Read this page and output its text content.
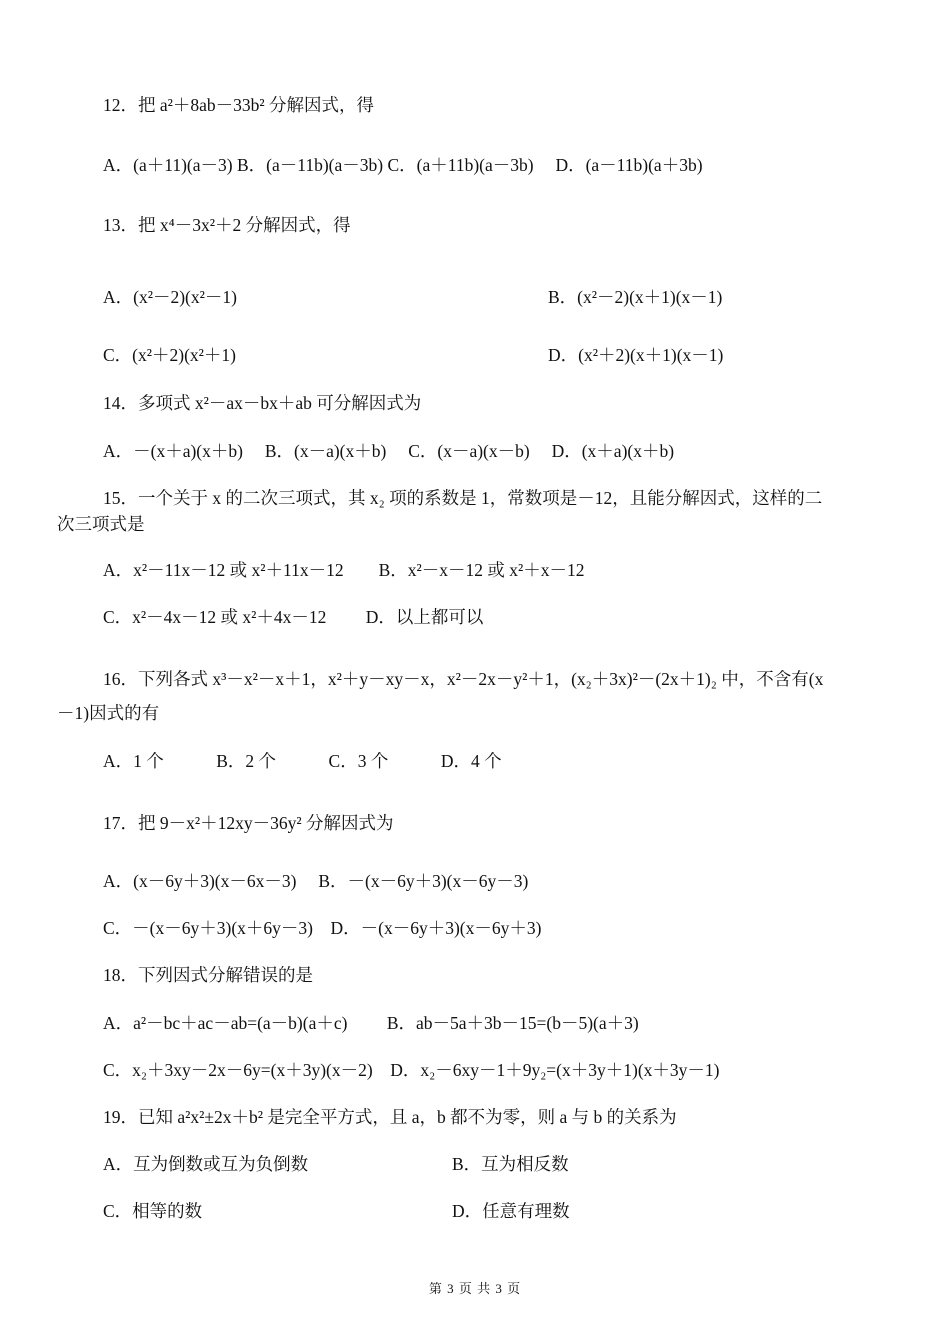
12．把 a²＋8ab－33b² 分解因式，得
A．(a＋11)(a－3) B．(a－11b)(a－3b) C．(a＋11b)(a－3b)　 D．(a－11b)(a＋3b)
13．把 x⁴－3x²＋2 分解因式，得
A．(x²－2)(x²－1)	B．(x²－2)(x＋1)(x－1)
C．(x²＋2)(x²＋1)	D．(x²＋2)(x＋1)(x－1)
14．多项式 x²－ax－bx＋ab 可分解因式为
A．－(x＋a)(x＋b)　 B．(x－a)(x＋b)　 C．(x－a)(x－b)　 D．(x＋a)(x＋b)
15．一个关于 x 的二次三项式，其 x₂ 项的系数是 1，常数项是－12，且能分解因式，这样的二
次三项式是
A．x²－11x－12 或 x²＋11x－12　　B．x²－x－12 或 x²＋x－12
C．x²－4x－12 或 x²＋4x－12　　 D．以上都可以
16．下列各式 x³－x²－x＋1，x²＋y－xy－x，x²－2x－y²＋1，(x₂＋3x)²－(2x＋1)₂ 中，不含有(x
－1)因式的有
A．1 个　　　B．2 个　　　C．3 个　　　D．4 个
17．把 9－x²＋12xy－36y² 分解因式为
A．(x－6y＋3)(x－6x－3)　 B．－(x－6y＋3)(x－6y－3)
C．－(x－6y＋3)(x＋6y－3)　D．－(x－6y＋3)(x－6y＋3)
18．下列因式分解错误的是
A．a²－bc＋ac－ab=(a－b)(a＋c)　　 B．ab－5a＋3b－15=(b－5)(a＋3)
C．x₂＋3xy－2x－6y=(x＋3y)(x－2)　D．x₂－6xy－1＋9y₂=(x＋3y＋1)(x＋3y－1)
19．已知 a²x²±2x＋b² 是完全平方式，且 a，b 都不为零，则 a 与 b 的关系为
A．互为倒数或互为负倒数	B．互为相反数
C．相等的数	D．任意有理数
第 3 页 共 3 页
